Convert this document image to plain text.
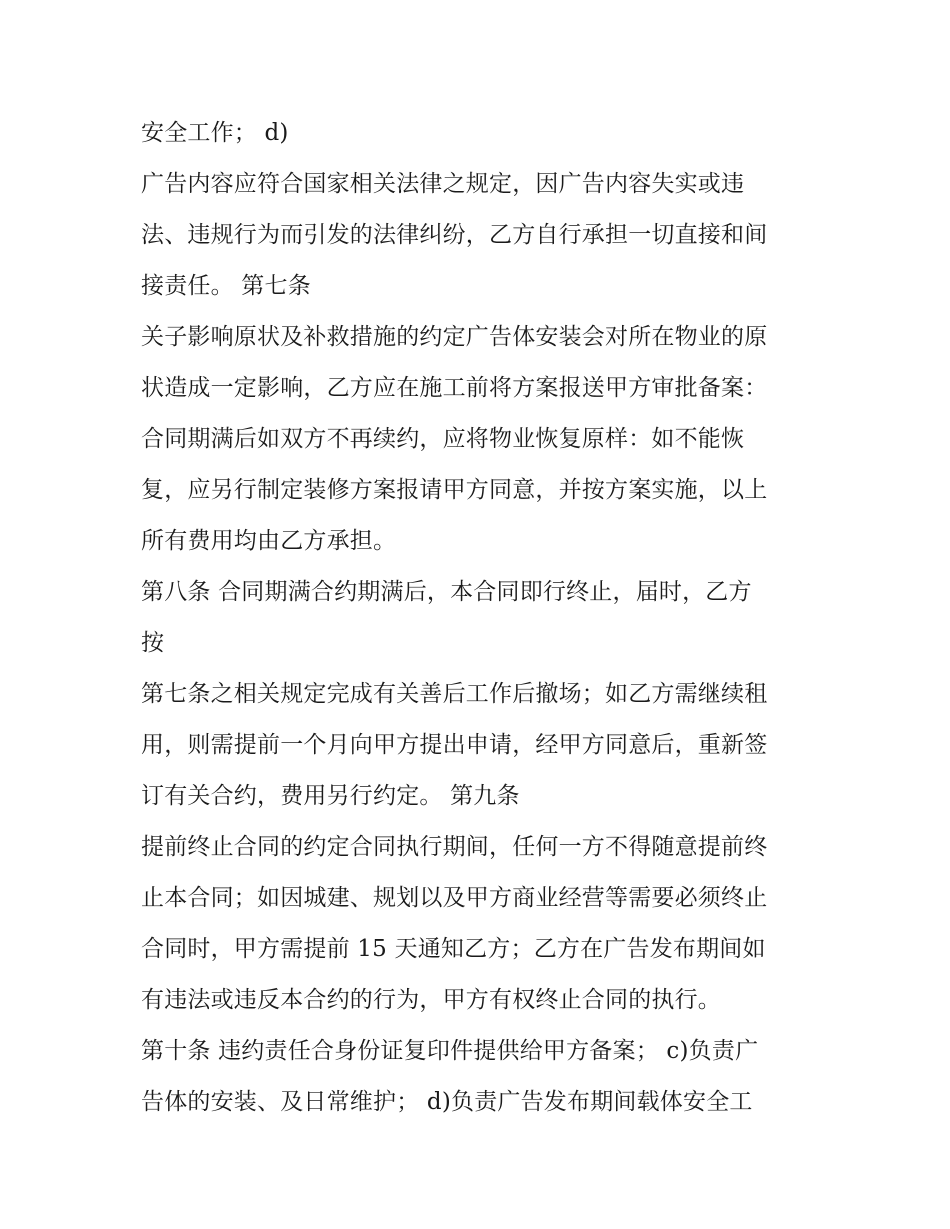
安全工作； d)
广告内容应符合国家相关法律之规定，因广告内容失实或违
法、违规行为而引发的法律纠纷，乙方自行承担一切直接和间
接责任。 第七条
关子影响原状及补救措施的约定广告体安装会对所在物业的原
状造成一定影响，乙方应在施工前将方案报送甲方审批备案：
合同期满后如双方不再续约，应将物业恢复原样：如不能恢
复，应另行制定装修方案报请甲方同意，并按方案实施，以上
所有费用均由乙方承担。
第八条 合同期满合约期满后，本合同即行终止，届时，乙方
按
第七条之相关规定完成有关善后工作后撤场；如乙方需继续租
用，则需提前一个月向甲方提出申请，经甲方同意后，重新签
订有关合约，费用另行约定。 第九条
提前终止合同的约定合同执行期间，任何一方不得随意提前终
止本合同；如因城建、规划以及甲方商业经营等需要必须终止
合同时，甲方需提前 15 天通知乙方；乙方在广告发布期间如
有违法或违反本合约的行为，甲方有权终止合同的执行。
第十条 违约责任合身份证复印件提供给甲方备案； c)负责广
告体的安装、及日常维护； d)负责广告发布期间载体安全工
